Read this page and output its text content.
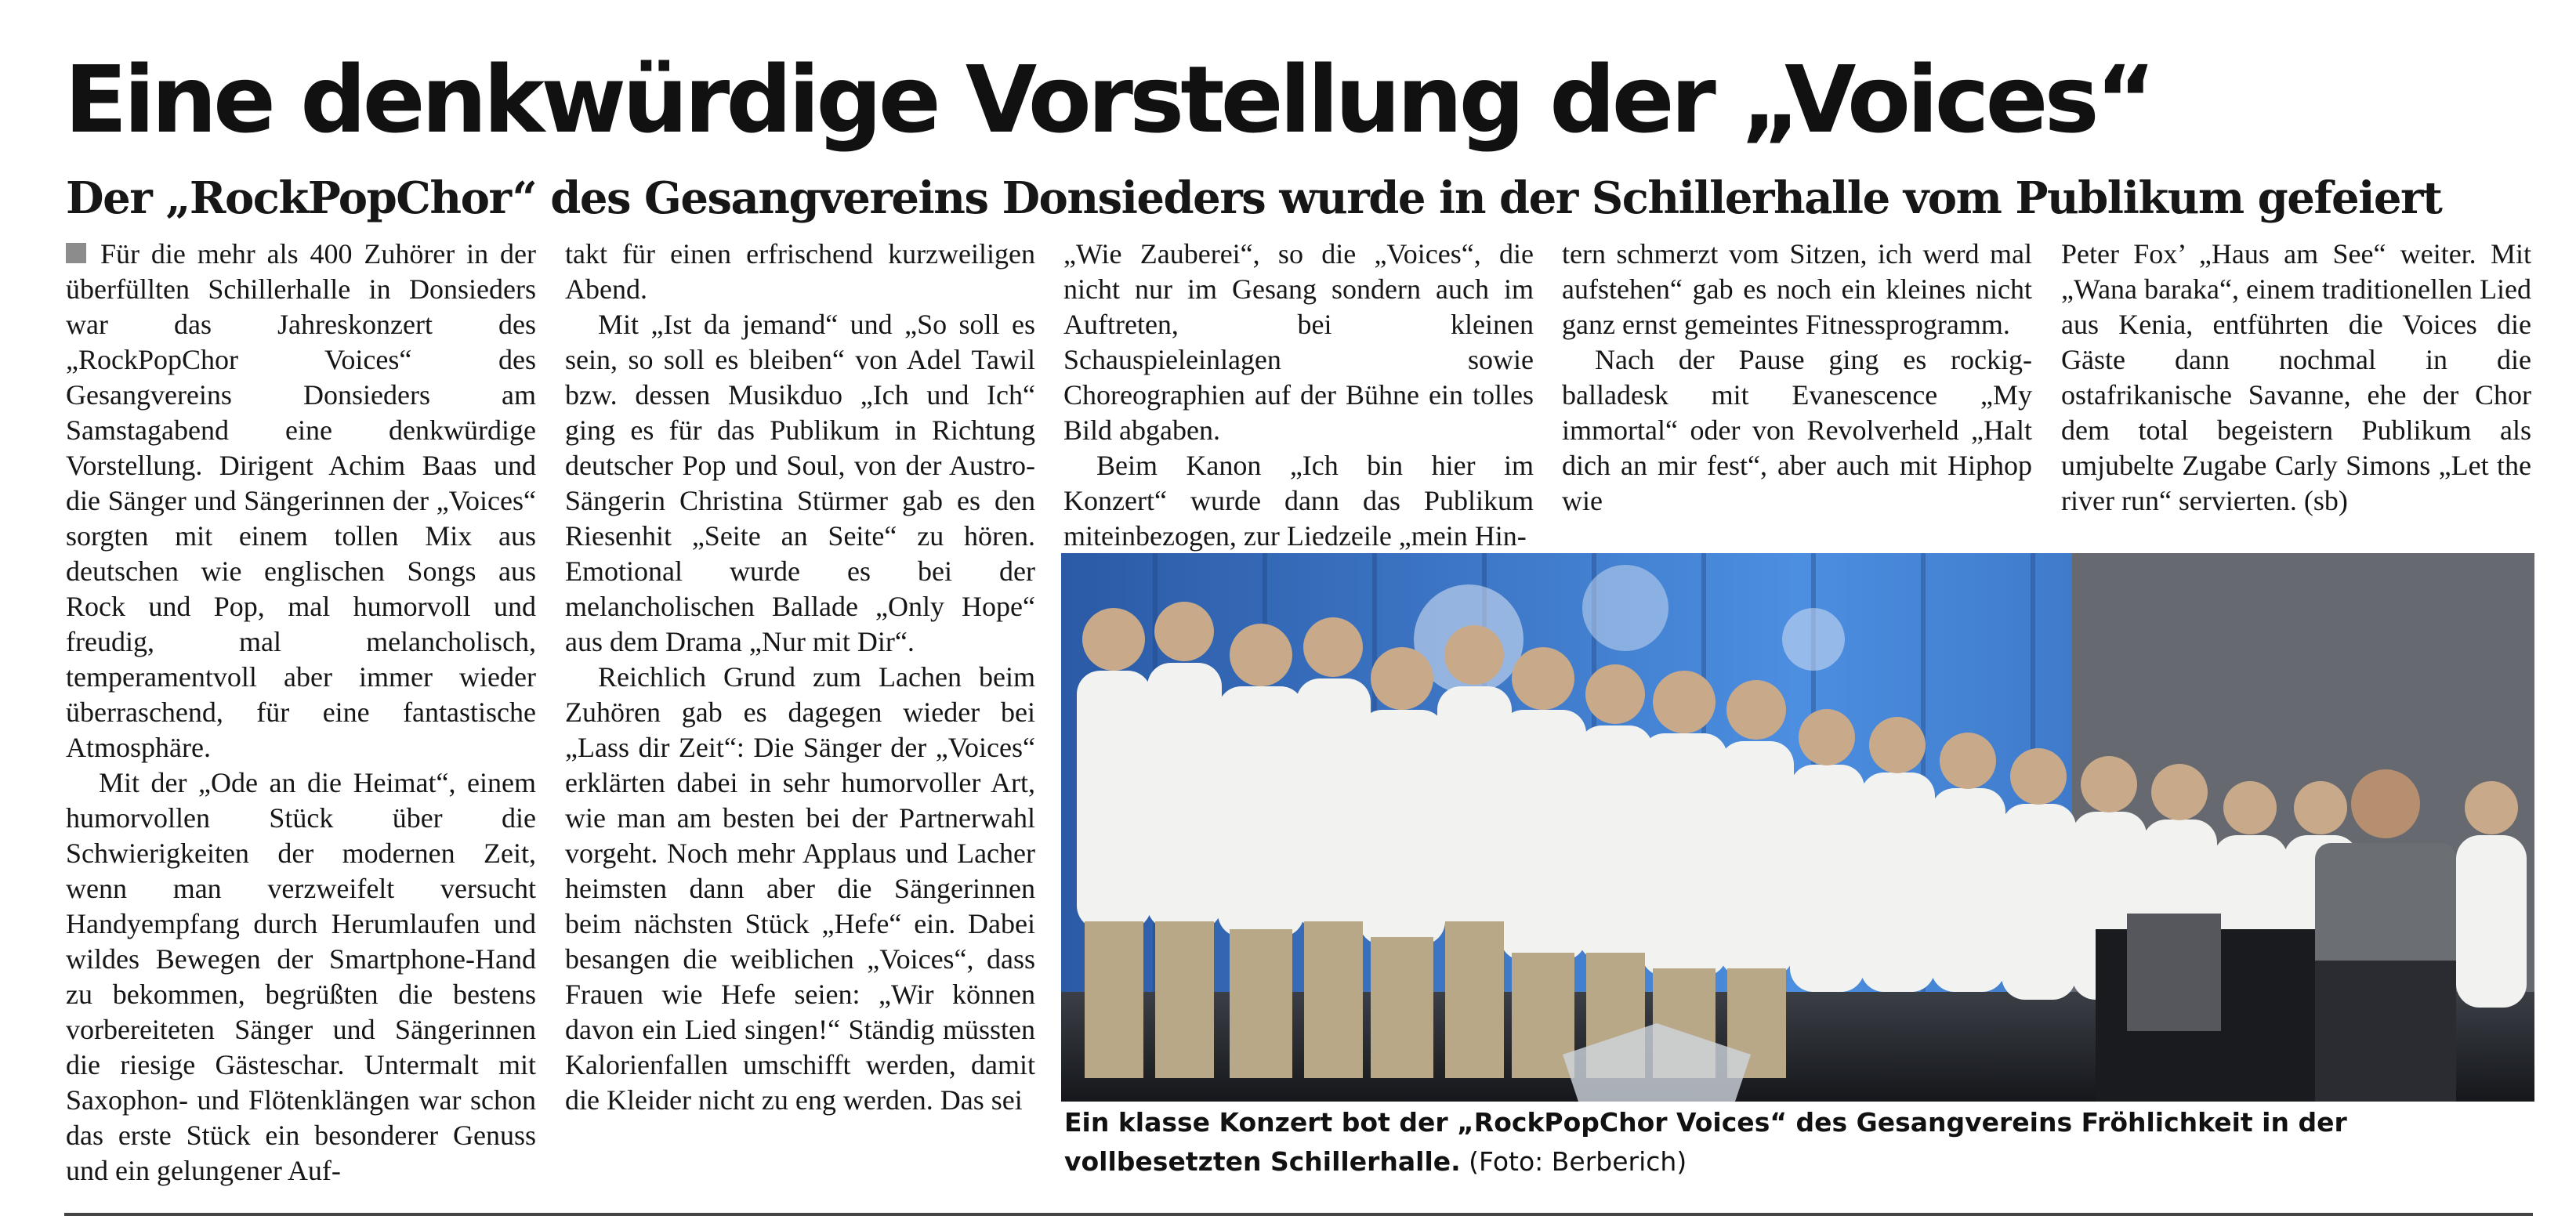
Eine denkwürdige Vorstellung der „Voices“
Der „RockPopChor“ des Gesangvereins Donsieders wurde in der Schillerhalle vom Publikum gefeiert

Für die mehr als 400 Zuhörer in der überfüllten Schillerhalle in Donsieders war das Jahreskonzert des „RockPopChor Voices“ des Gesangvereins Donsieders am Samstagabend eine denkwürdige Vorstellung. Dirigent Achim Baas und die Sänger und Sängerinnen der „Voices“ sorgten mit einem tollen Mix aus deutschen wie englischen Songs aus Rock und Pop, mal humorvoll und freudig, mal melancholisch, temperamentvoll aber immer wieder überraschend, für eine fantastische Atmosphäre.

Mit der „Ode an die Heimat“, einem humorvollen Stück über die Schwierigkeiten der modernen Zeit, wenn man verzweifelt versucht Handyempfang durch Herumlaufen und wildes Bewegen der Smartphone-Hand zu bekommen, begrüßten die bestens vorbereiteten Sänger und Sängerinnen die riesige Gästeschar. Untermalt mit Saxophon- und Flötenklängen war schon das erste Stück ein besonderer Genuss und ein gelungener Auf-

takt für einen erfrischend kurzweiligen Abend.

Mit „Ist da jemand“ und „So soll es sein, so soll es bleiben“ von Adel Tawil bzw. dessen Musikduo „Ich und Ich“ ging es für das Publikum in Richtung deutscher Pop und Soul, von der Austro-Sängerin Christina Stürmer gab es den Riesenhit „Seite an Seite“ zu hören. Emotional wurde es bei der melancholischen Ballade „Only Hope“ aus dem Drama „Nur mit Dir“.

Reichlich Grund zum Lachen beim Zuhören gab es dagegen wieder bei „Lass dir Zeit“: Die Sänger der „Voices“ erklärten dabei in sehr humorvoller Art, wie man am besten bei der Partnerwahl vorgeht. Noch mehr Applaus und Lacher heimsten dann aber die Sängerinnen beim nächsten Stück „Hefe“ ein. Dabei besangen die weiblichen „Voices“, dass Frauen wie Hefe seien: „Wir können davon ein Lied singen!“ Ständig müssten Kalorienfallen umschifft werden, damit die Kleider nicht zu eng werden. Das sei

„Wie Zauberei“, so die „Voices“, die nicht nur im Gesang sondern auch im Auftreten, bei kleinen Schauspieleinlagen sowie Choreographien auf der Bühne ein tolles Bild abgaben.

Beim Kanon „Ich bin hier im Konzert“ wurde dann das Publikum miteinbezogen, zur Liedzeile „mein Hin-

tern schmerzt vom Sitzen, ich werd mal aufstehen“ gab es noch ein kleines nicht ganz ernst gemeintes Fitnessprogramm.

Nach der Pause ging es rockig-balladesk mit Evanescence „My immortal“ oder von Revolverheld „Halt dich an mir fest“, aber auch mit Hiphop wie

Peter Fox’ „Haus am See“ weiter. Mit „Wana baraka“, einem traditionellen Lied aus Kenia, entführten die Voices die Gäste dann nochmal in die ostafrikanische Savanne, ehe der Chor dem total begeistern Publikum als umjubelte Zugabe Carly Simons „Let the river run“ servierten. (sb)

Ein klasse Konzert bot der „RockPopChor Voices“ des Gesangvereins Fröhlichkeit in der vollbesetzten Schillerhalle. (Foto: Berberich)
